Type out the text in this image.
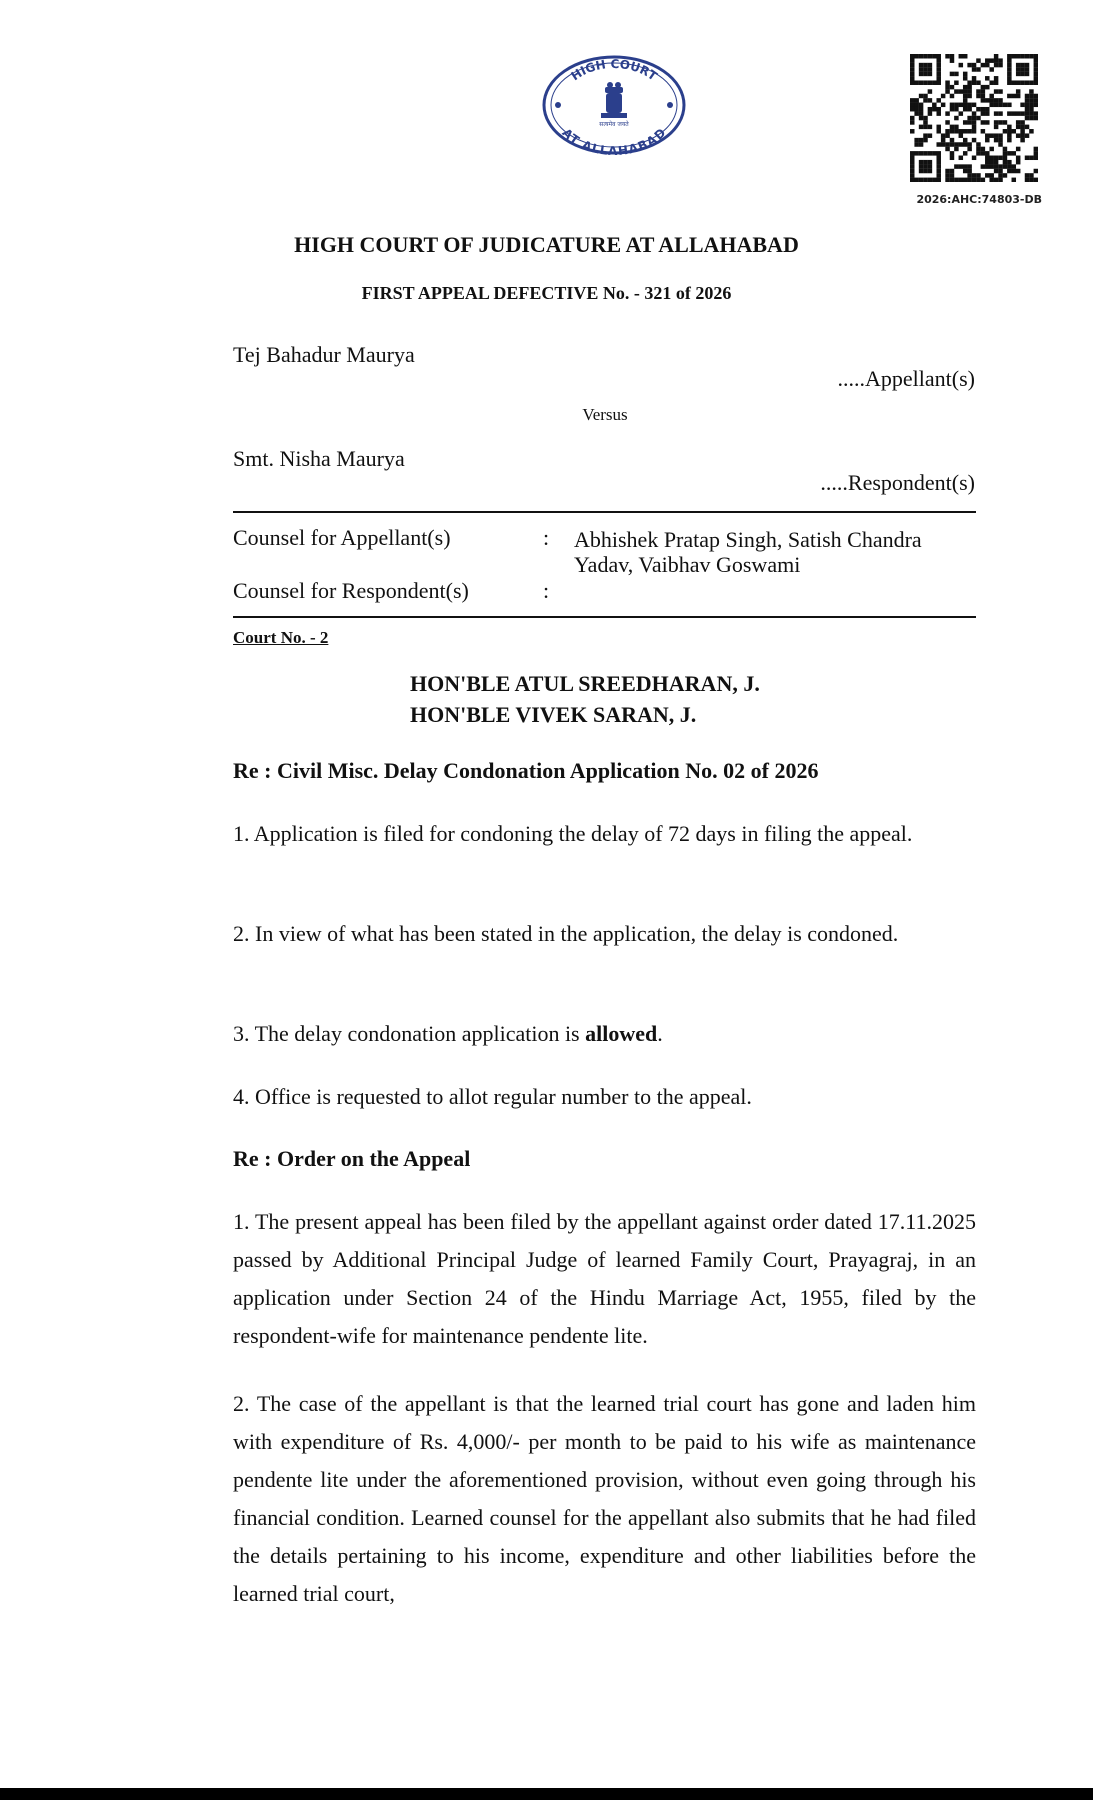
HIGH COURT
AT ALLAHABAD
सत्यमेव जयते
2026:AHC:74803-DB
HIGH COURT OF JUDICATURE AT ALLAHABAD
FIRST APPEAL DEFECTIVE No. - 321 of 2026
Tej Bahadur Maurya
.....Appellant(s)
Versus
Smt. Nisha Maurya
.....Respondent(s)
Counsel for Appellant(s)	: Abhishek Pratap Singh, Satish Chandra Yadav, Vaibhav Goswami
Counsel for Respondent(s)	:
Court No. - 2
HON'BLE ATUL SREEDHARAN, J.
HON'BLE VIVEK SARAN, J.
Re : Civil Misc. Delay Condonation Application No. 02 of 2026

1. Application is filed for condoning the delay of 72 days in filing the appeal.

2. In view of what has been stated in the application, the delay is condoned.

3. The delay condonation application is allowed.

4. Office is requested to allot regular number to the appeal.

Re : Order on the Appeal

1. The present appeal has been filed by the appellant against order dated 17.11.2025 passed by Additional Principal Judge of learned Family Court, Prayagraj, in an application under Section 24 of the Hindu Marriage Act, 1955, filed by the respondent-wife for maintenance pendente lite.

2. The case of the appellant is that the learned trial court has gone and laden him with expenditure of Rs. 4,000/- per month to be paid to his wife as maintenance pendente lite under the aforementioned provision, without even going through his financial condition. Learned counsel for the appellant also submits that he had filed the details pertaining to his income, expenditure and other liabilities before the learned trial court,
